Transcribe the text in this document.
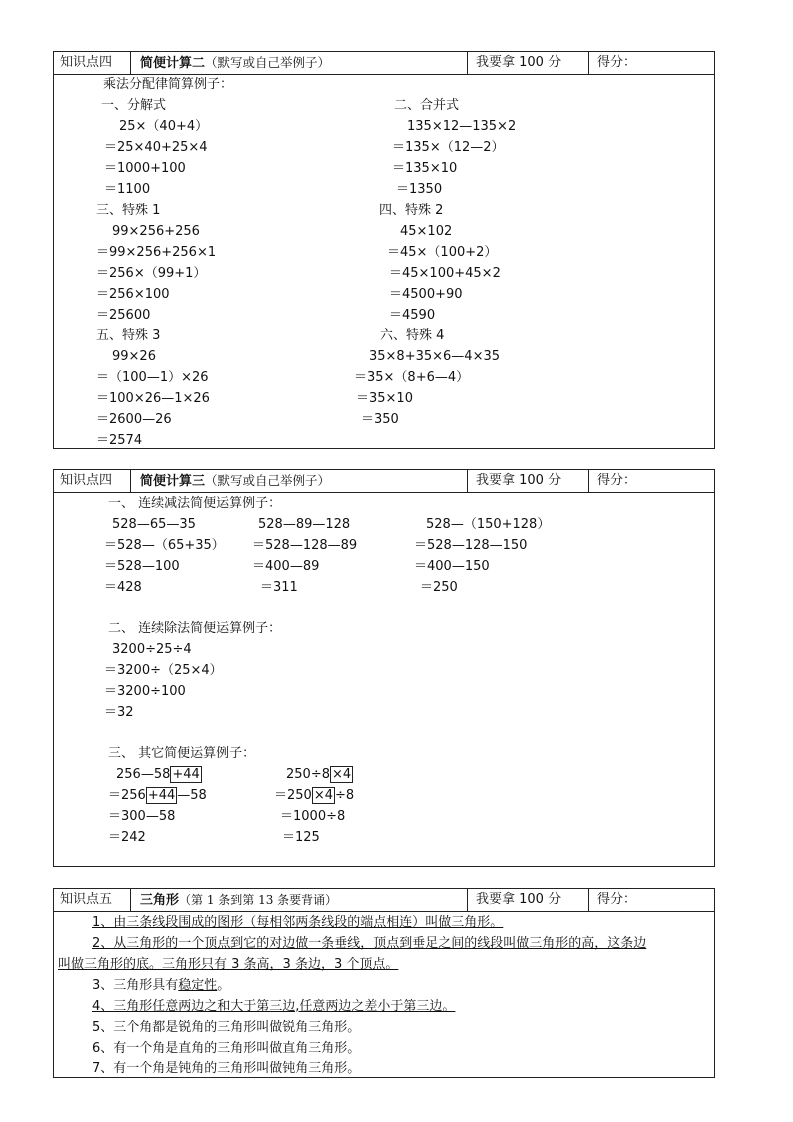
知识点四 简便计算二（默写或自己举例子）	我要拿 100 分	得分：
乘法分配律简算例子：
一、分解式
25×（40+4）
＝25×40+25×4
＝1000+100
＝1100
二、合并式
135×12—135×2
＝135×（12—2）
＝135×10
＝1350
三、特殊 1
99×256+256
＝99×256+256×1
＝256×（99+1）
＝256×100
＝25600
四、特殊 2
45×102
＝45×（100+2）
＝45×100+45×2
＝4500+90
＝4590
五、特殊 3
99×26
＝（100—1）×26
＝100×26—1×26
＝2600—26
＝2574
六、特殊 4
35×8+35×6—4×35
＝35×（8+6—4）
＝35×10
＝350
知识点四 简便计算三（默写或自己举例子）	我要拿 100 分	得分：
一、 连续减法简便运算例子：
528—65—35
＝528—（65+35）
＝528—100
＝428
528—89—128
＝528—128—89
＝400—89
＝311
528—（150+128）
＝528—128—150
＝400—150
＝250
二、 连续除法简便运算例子：
3200÷25÷4
＝3200÷（25×4）
＝3200÷100
＝32
三、 其它简便运算例子：
256—58 +44
＝256 +44 —58
＝300—58
＝242
250÷8 ×4
＝250 ×4 ÷8
＝1000÷8
＝125
知识点五 三角形（第 1 条到第 13 条要背诵）	我要拿 100 分	得分：
1、由三条线段围成的图形（每相邻两条线段的端点相连）叫做三角形。
2、从三角形的一个顶点到它的对边做一条垂线，顶点到垂足之间的线段叫做三角形的高，这条边
叫做三角形的底。三角形只有 3 条高，3 条边，3 个顶点。
3、三角形具有稳定性。
4、三角形任意两边之和大于第三边,任意两边之差小于第三边。
5、三个角都是锐角的三角形叫做锐角三角形。
6、有一个角是直角的三角形叫做直角三角形。
7、有一个角是钝角的三角形叫做钝角三角形。
